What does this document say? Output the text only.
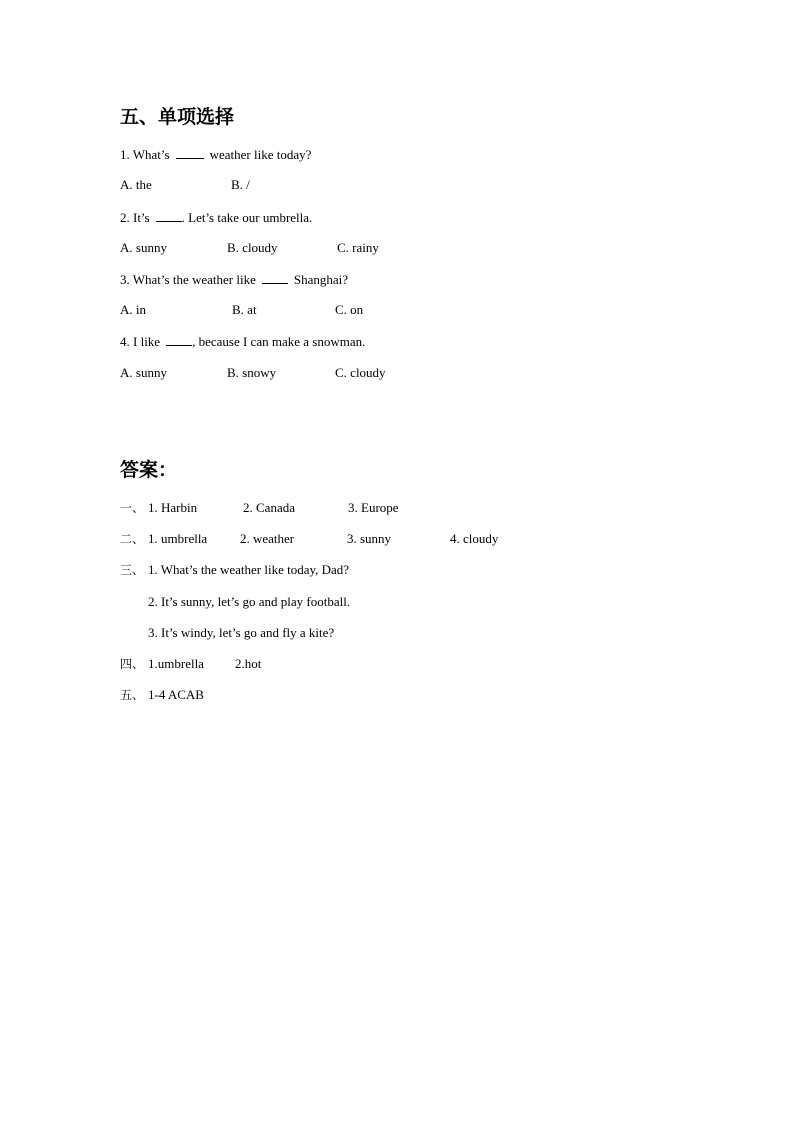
五、单项选择
1. What’s	weather like today?
A. the	B. /
2. It’s . Let’s take our umbrella.
A. sunny	B. cloudy	C. rainy
3. What’s the weather like	Shanghai?
A. in	B. at	C. on
4. I like , because I can make a snowman.
A. sunny	B. snowy	C. cloudy
答案：
一、 1. Harbin	2. Canada	3. Europe
二、 1. umbrella	2. weather	3. sunny	4. cloudy
三、 1. What’s the weather like today, Dad?
2. It’s sunny, let’s go and play football.
3. It’s windy, let’s go and fly a kite?
四、 1.umbrella 2.hot
五、 1-4 ACAB
